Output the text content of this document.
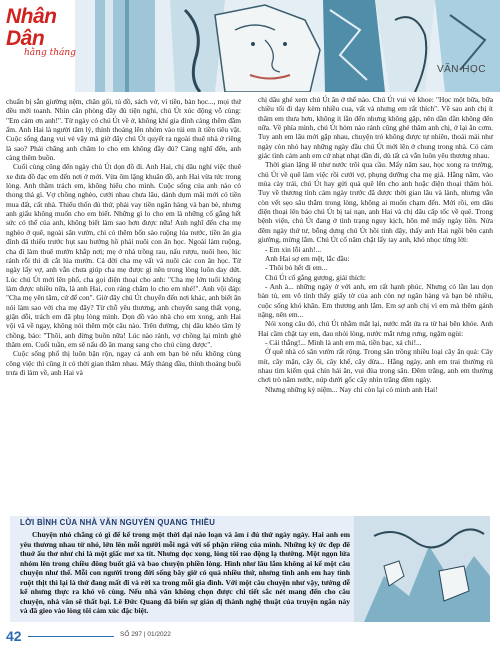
Nhân Dân
hằng tháng
VĂN HỌC

chuẩn bị sẵn giường nệm, chăn gối, tủ đồ, sách vở, ví tiền, bàn học..., mọi thứ đều mới toanh. Nhìn căn phòng đầy đủ tiện nghi, chú Út xúc động vỗ cùng: "Em cảm ơn anh!". Từ ngày có chú Út về ở, không khí gia đình càng thêm đầm ấm. Anh Hai là người tâm lý, thỉnh thoảng lên nhóm vào tủi em ít tiền tiêu vặt. Cuộc sống đang vui vẻ vậy mà giờ đây chú Út quyết ra ngoài thuê nhà ở riêng là sao? Phải chăng anh chăm lo cho em không đầy đủ? Càng nghĩ đến, anh càng thêm buồn.

Cuối cùng cũng đến ngày chú Út dọn đồ đi. Anh Hai, chị dâu nghỉ việc thuê xe đưa đồ đạc em đến nơi ở mới. Vừa ôm lặng khuân đồ, anh Hai vừa tức trong lòng. Anh thầm trách em, không hiểu cho mình. Cuộc sống của anh nào có thong thả gì. Vợ chồng nghèo, cưới nhau chưa lâu, dành dụm mãi mới có tiền mua đất, cất nhà. Thiếu thốn đủ thứ, phải vay tiền ngân hàng và bạn bè, nhưng anh giấu không muốn cho em biết. Những gì lo cho em là những cố gắng hết sức có thể của anh, không biết làm sao hơn được nữa! Anh nghĩ đến cha mẹ nghèo ở quê, ngoài sân vườn, chỉ có thêm bốn sào ruộng lúa nước, tiền ăn gia đình đã thiếu trước hụt sau hướng hồ phải nuôi con ăn học. Ngoài làm ruộng, cha đi làm thuê mướn khắp nơi; mẹ ở nhà trồng rau, nấu rượu, nuôi heo, lúc rảnh rỗi thì đi cắt lúa mướn. Cả đời cha mẹ vất vả nuôi các con ăn học. Từ ngày lấy vợ, anh vẫn chưa giúp cha mẹ được gì nên trong lòng luôn day dứt. Lúc chú Út mới lên phố, cha gọi điện thoại cho anh: "Cha mẹ lớn tuổi không làm được nhiều nữa, là anh Hai, con ráng chăm lo cho em nhé!". Anh vội đáp: "Cha mẹ yên tâm, cứ để con". Giờ đây chú Út chuyển đến nơi khác, anh biết ăn nói làm sao với cha mẹ đây? Từ chỗ yêu thương, anh chuyển sang thất vọng, giận dỗi, trách em đã phụ lòng mình. Dọn đồ vào nhà cho em xong, anh Hai vội vã về ngay, không nói thêm một câu nào. Trên đường, chị dâu khéo tâm lý chồng, bảo: "Thôi, anh đừng buồn nữa! Lúc nào rảnh, vợ chồng lại mình ghé thăm em. Cuối tuần, em sẽ nấu đồ ăn mang sang cho chú cùng được".

Cuộc sống phố thị luôn bận rộn, ngay cả anh em bạn bè nếu không cùng công việc thì cũng ít có thời gian thăm nhau. Mấy tháng đầu, thỉnh thoảng buổi trưa đi làm về, anh Hai và

chị dâu ghé xem chú Út ăn ở thế nào. Chú Út vui vẻ khoe: "Học một bữa, bữa chiều tối đi dạy kèm nhiều cua, vất và nhưng em rất thích". Về sau anh chị ít thăm em thưa hơn, không ít lần đến nhưng không gặp, nên dần dần không đến nữa. Về phía mình, chú Út hỏm nào rảnh cũng ghé thăm anh chị, ở lại ăn cơm. Tuy anh em lâu mới gặp nhau, chuyện trò không được tự nhiên, thoải mái như ngày còn nhỏ hay những ngày đầu chú Út mới lên ở chung trong nhà. Có cảm giác tình cảm anh em cứ nhạt nhạt dần đi, dù tất cả vẫn luôn yêu thương nhau.

Thời gian lặng lẽ như nước trôi qua cầu. Mấy năm sau, học xong ra trường, chú Út về quê làm việc rồi cưới vợ, phụng dưỡng cha mẹ già. Hằng năm, vào mùa cày trái, chú Út hay gửi quà quê lên cho anh hoặc điện thoại thăm hỏi. Tuy về thương tình cảm ngày trước đã được thời gian lâu và lành, nhưng vẫn còn vết sẹo sâu thẳm trong lòng, không ai muốn chạm đến. Mới rồi, em dâu điện thoại lên báo chú Út bị tai nạn, anh Hai và chị dâu cấp tốc về quê. Trong bệnh viện, chú Út đang ở tình trạng nguy kịch, hôn mê mấy ngày liền. Nửa đêm ngày thứ tư, bỗng dưng chú Út hồi tỉnh dậy, thấy anh Hai ngồi bên cạnh giường, mừng lắm. Chú Út cố nâm chặt lấy tay anh, khó nhọc từng lời:

- Em xin lỗi anh!...

Anh Hai sợ em mệt, lắc đầu:

- Thôi bỏ hết đi em...

Chú Út cố gắng gượng, giải thích:

- Anh à... những ngày ở với anh, em rất hạnh phúc. Nhưng có lần lau dọn bàn tủ, em vô tình thấy giấy tờ của anh còn nợ ngân hàng và bạn bè nhiều, cuộc sống khó khăn. Em thương anh lắm. Em sợ anh chị vì em mà thêm gánh nặng, nên em...

Nói xong câu đó, chú Út nhắm mắt lại, nước mắt ứa ra từ hai bên khóe. Anh Hai cầm chặt tay em, đau nhói lòng, nước mắt rưng rưng, ngậm ngùi:

- Cái thằng!... Mình là anh em mà, tiền bạc, xá chi!...

Ở quê nhà có sân vườn rất rộng. Trong sân trồng nhiều loại cây ăn quả: Cây mít, cây mận, cây ổi, cây khế, cây dừa... Hằng ngày, anh em trai thường rủ nhau tìm kiếm quả chín hái ăn, vui đùa trong sân. Đêm trăng, anh em thường chơi trò năm nước, núp dưới gốc cây nhìn trăng đêm ngày.

Nhưng những kỷ niệm... Nay chỉ còn lại có mình anh Hai!

LỜI BÌNH CỦA NHÀ VĂN NGUYỄN QUANG THIỀU

Chuyện nhỏ chẳng có gì để kể trong một thời đại nào loạn và âm ỉ đủ thứ ngày ngày. Hai anh em yêu thương nhau từ nhỏ, lớn lên mỗi người mỗi ngả với số phận riêng của mình. Những ký ức đẹp đẽ thuở ấu thơ như chỉ là một giấc mơ xa tít. Nhưng dọc xong, lòng tôi rao động lạ thường. Một ngọn lửa nhóm lên trong chiều đông buốt giá và bao chuyện phiền lòng. Hình như lâu lắm không ai kể một câu chuyện như thế. Mỗi con người trong đời sống bây giờ có quá nhiều thứ, nhưng tình anh em hay tình ruột thịt thì lại là thứ đang mất đi và rời xa trong mỗi gia đình. Với một câu chuyện như vậy, tưởng dễ kể nhưng thực ra khó vô cùng. Nếu nhà văn không chọn được chi tiết sắc nét mang đến cho câu chuyện, nhà văn sẽ thất bại. Lê Đức Quang đã biến sự giản dị thành nghệ thuật của truyện ngắn này và đã gieo vào lòng tôi cảm xúc đặc biệt.

42	SỐ 297 | 01/2022
